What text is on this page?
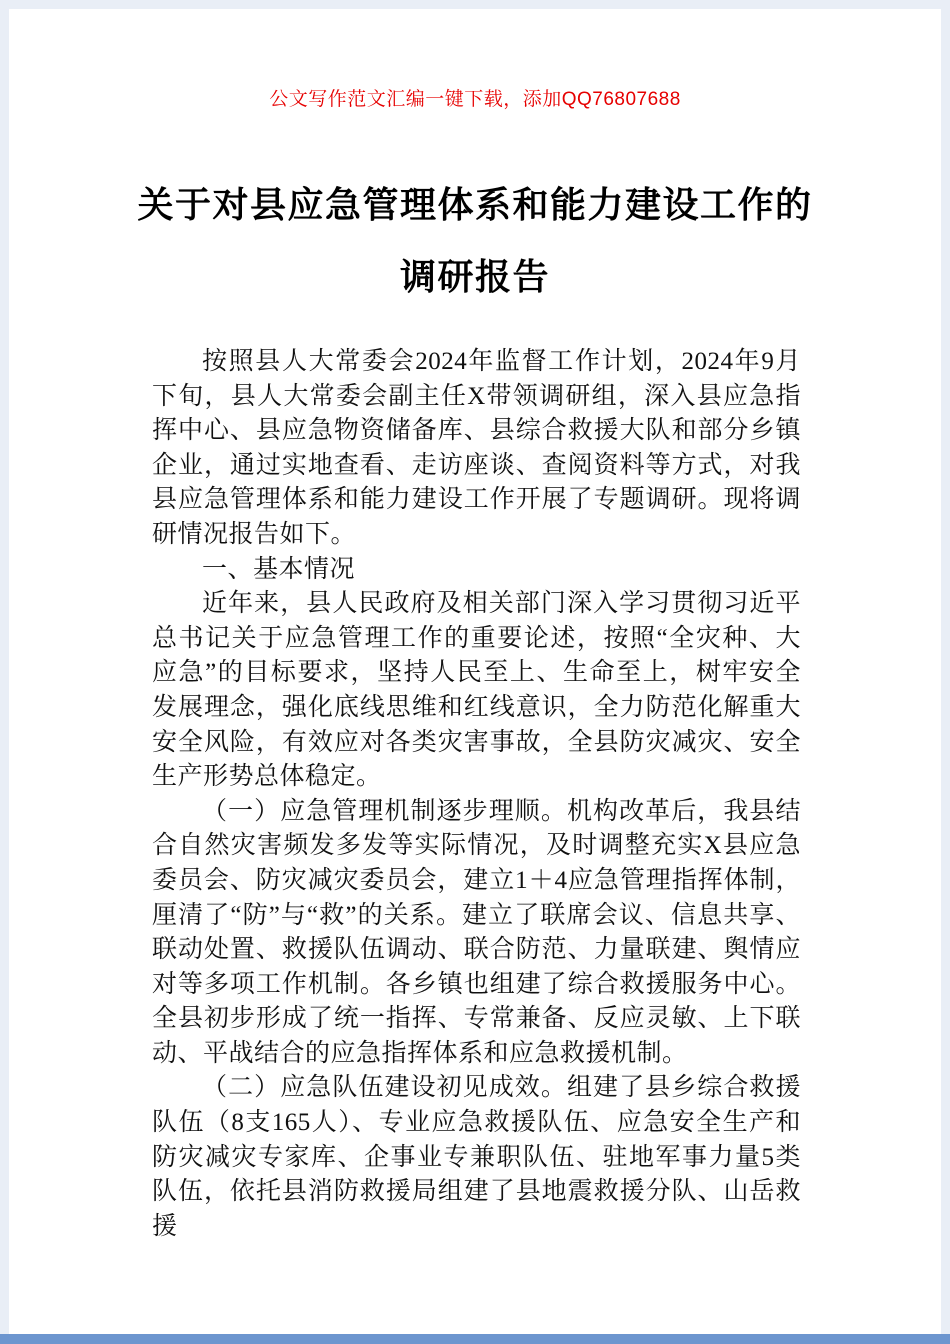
公文写作范文汇编一键下载，添加QQ76807688
关于对县应急管理体系和能力建设工作的
调研报告

按照县人大常委会2024年监督工作计划，2024年9月下旬，县人大常委会副主任X带领调研组，深入县应急指挥中心、县应急物资储备库、县综合救援大队和部分乡镇企业，通过实地查看、走访座谈、查阅资料等方式，对我县应急管理体系和能力建设工作开展了专题调研。现将调研情况报告如下。

一、基本情况

近年来，县人民政府及相关部门深入学习贯彻习近平总书记关于应急管理工作的重要论述，按照“全灾种、大应急”的目标要求，坚持人民至上、生命至上，树牢安全发展理念，强化底线思维和红线意识，全力防范化解重大安全风险，有效应对各类灾害事故，全县防灾减灾、安全生产形势总体稳定。

（一）应急管理机制逐步理顺。机构改革后，我县结合自然灾害频发多发等实际情况，及时调整充实X县应急委员会、防灾减灾委员会，建立1＋4应急管理指挥体制，厘清了“防”与“救”的关系。建立了联席会议、信息共享、联动处置、救援队伍调动、联合防范、力量联建、舆情应对等多项工作机制。各乡镇也组建了综合救援服务中心。全县初步形成了统一指挥、专常兼备、反应灵敏、上下联动、平战结合的应急指挥体系和应急救援机制。

（二）应急队伍建设初见成效。组建了县乡综合救援队伍（8支165人）、专业应急救援队伍、应急安全生产和防灾减灾专家库、企事业专兼职队伍、驻地军事力量5类队伍，依托县消防救援局组建了县地震救援分队、山岳救援
